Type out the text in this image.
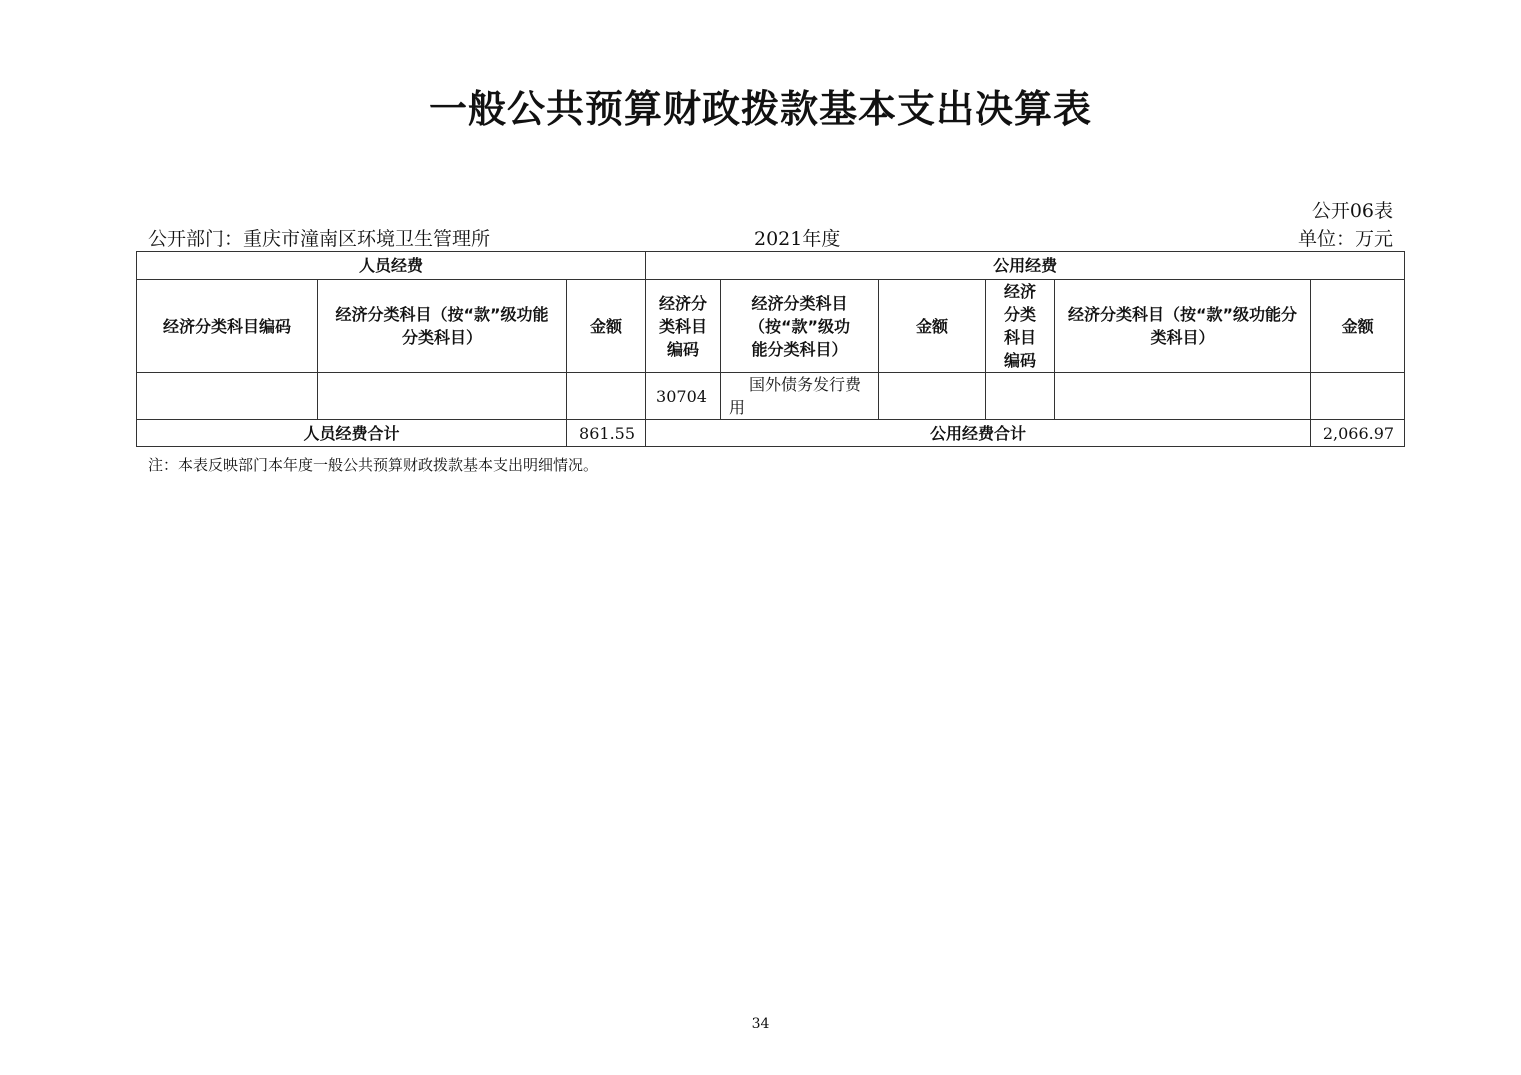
一般公共预算财政拨款基本支出决算表
公开06表
公开部门：重庆市潼南区环境卫生管理所	2021年度	单位：万元
人员经费			公用经费					
经济分类科目编码	经济分类科目（按“款”级功能分类科目）	金额	经济分类科目编码	经济分类科目（按“款”级功能分类科目）	金额	经济分类科目编码	经济分类科目（按“款”级功能分类科目）	金额
			30704	国外债务发行费用				
人员经费合计		861.55	公用经费合计					2,066.97
注：本表反映部门本年度一般公共预算财政拨款基本支出明细情况。
34
